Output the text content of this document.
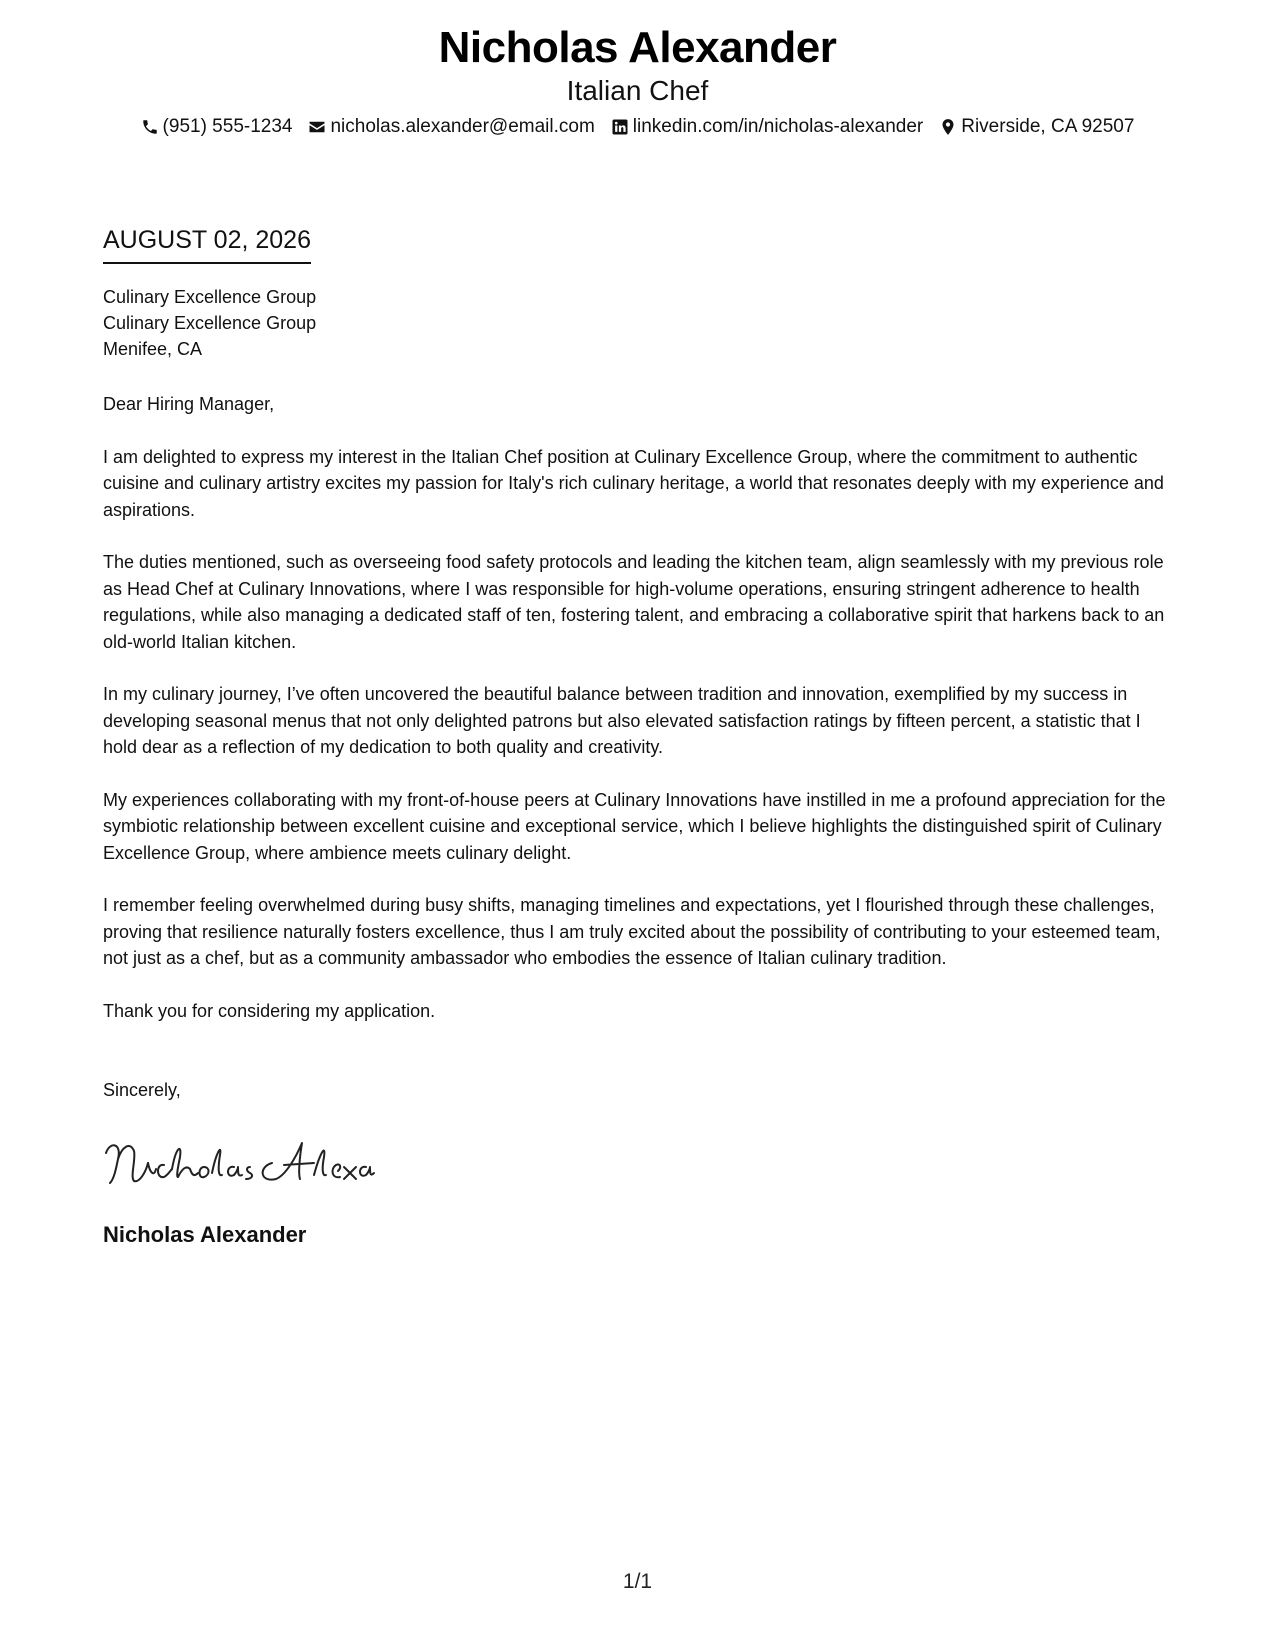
Nicholas Alexander
Italian Chef
(951) 555-1234 nicholas.alexander@email.com linkedin.com/in/nicholas-alexander Riverside, CA 92507
AUGUST 02, 2026
Culinary Excellence Group
Culinary Excellence Group
Menifee, CA

Dear Hiring Manager,

I am delighted to express my interest in the Italian Chef position at Culinary Excellence Group, where the commitment to authentic cuisine and culinary artistry excites my passion for Italy's rich culinary heritage, a world that resonates deeply with my experience and aspirations.

The duties mentioned, such as overseeing food safety protocols and leading the kitchen team, align seamlessly with my previous role as Head Chef at Culinary Innovations, where I was responsible for high-volume operations, ensuring stringent adherence to health regulations, while also managing a dedicated staff of ten, fostering talent, and embracing a collaborative spirit that harkens back to an old-world Italian kitchen.

In my culinary journey, I’ve often uncovered the beautiful balance between tradition and innovation, exemplified by my success in developing seasonal menus that not only delighted patrons but also elevated satisfaction ratings by fifteen percent, a statistic that I hold dear as a reflection of my dedication to both quality and creativity.

My experiences collaborating with my front-of-house peers at Culinary Innovations have instilled in me a profound appreciation for the symbiotic relationship between excellent cuisine and exceptional service, which I believe highlights the distinguished spirit of Culinary Excellence Group, where ambience meets culinary delight.

I remember feeling overwhelmed during busy shifts, managing timelines and expectations, yet I flourished through these challenges, proving that resilience naturally fosters excellence, thus I am truly excited about the possibility of contributing to your esteemed team, not just as a chef, but as a community ambassador who embodies the essence of Italian culinary tradition.

Thank you for considering my application.

Sincerely,
Nicholas Alexander
1/1
